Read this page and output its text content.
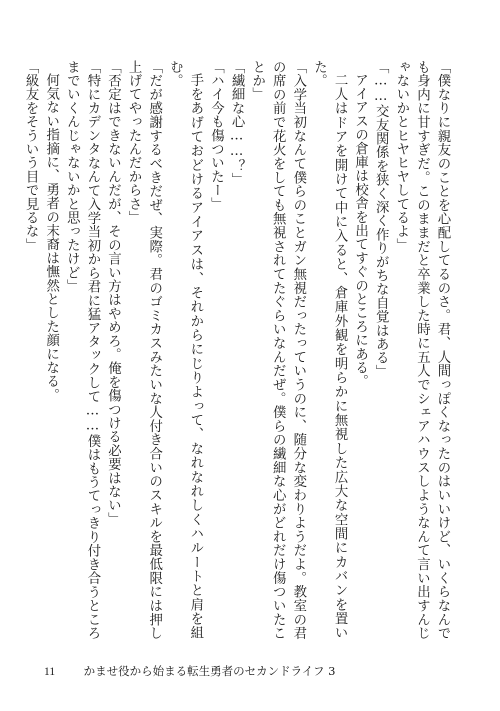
「僕なりに親友のことを心配してるのさ。君、人間っぽくなったのはいいけど、いくらなんでも身内に甘すぎだ。このままだと卒業した時に五人でシェアハウスしようなんて言い出すんじゃないかとヒヤヒヤしてるよ」

「……交友関係を狭く深く作りがちな自覚はある」

アイアスの倉庫は校舎を出てすぐのところにある。

二人はドアを開けて中に入ると、倉庫外観を明らかに無視した広大な空間にカバンを置いた。

「入学当初なんて僕らのことガン無視だったっていうのに、随分な変わりようだよ。教室の君の席の前で花火をしても無視されてたぐらいなんだぜ。僕らの繊細な心がどれだけ傷ついたことか」

「繊細な心……？」

「ハイ今も傷ついたー」

手をあげておどけるアイアスは、それからにじりよって、なれなれしくハルートと肩を組む。

「だが感謝するべきだぜ、実際。君のゴミカスみたいな人付き合いのスキルを最低限には押し上げてやったんだからさ」

「否定はできないんだが、その言い方はやめろ。俺を傷つける必要はない」

「特にカデンタなんて入学当初から君に猛アタックして……僕はもうてっきり付き合うところまでいくんじゃないかと思ったけど」

何気ない指摘に、勇者の末裔は憮然とした顔になる。

「級友をそういう目で見るな」

11 かませ役から始まる転生勇者のセカンドライフ 3
